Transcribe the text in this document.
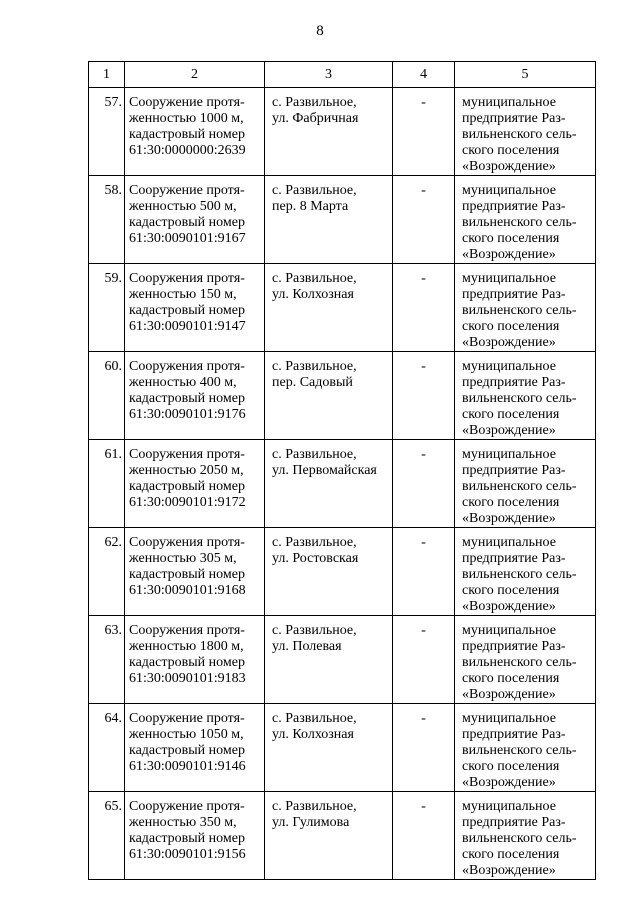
8
1	2	3	4	5
57.	Сооружение протя-
женностью 1000 м,
кадастровый номер
61:30:0000000:2639	с. Развильное,
ул. Фабричная	-	муниципальное
предприятие Раз-
вильненского сель-
ского поселения
«Возрождение»

58.	Сооружение протя-
женностью 500 м,
кадастровый номер
61:30:0090101:9167	с. Развильное,
пер. 8 Марта	-	муниципальное
предприятие Раз-
вильненского сель-
ского поселения
«Возрождение»

59.	Сооружения протя-
женностью 150 м,
кадастровый номер
61:30:0090101:9147	с. Развильное,
ул. Колхозная	-	муниципальное
предприятие Раз-
вильненского сель-
ского поселения
«Возрождение»

60.	Сооружения протя-
женностью 400 м,
кадастровый номер
61:30:0090101:9176	с. Развильное,
пер. Садовый	-	муниципальное
предприятие Раз-
вильненского сель-
ского поселения
«Возрождение»

61.	Сооружения протя-
женностью 2050 м,
кадастровый номер
61:30:0090101:9172	с. Развильное,
ул. Первомайская	-	муниципальное
предприятие Раз-
вильненского сель-
ского поселения
«Возрождение»

62.	Сооружения протя-
женностью 305 м,
кадастровый номер
61:30:0090101:9168	с. Развильное,
ул. Ростовская	-	муниципальное
предприятие Раз-
вильненского сель-
ского поселения
«Возрождение»

63.	Сооружения протя-
женностью 1800 м,
кадастровый номер
61:30:0090101:9183	с. Развильное,
ул. Полевая	-	муниципальное
предприятие Раз-
вильненского сель-
ского поселения
«Возрождение»

64.	Сооружение протя-
женностью 1050 м,
кадастровый номер
61:30:0090101:9146	с. Развильное,
ул. Колхозная	-	муниципальное
предприятие Раз-
вильненского сель-
ского поселения
«Возрождение»

65.	Сооружение протя-
женностью 350 м,
кадастровый номер
61:30:0090101:9156	с. Развильное,
ул. Гулимова	-	муниципальное
предприятие Раз-
вильненского сель-
ского поселения
«Возрождение»
